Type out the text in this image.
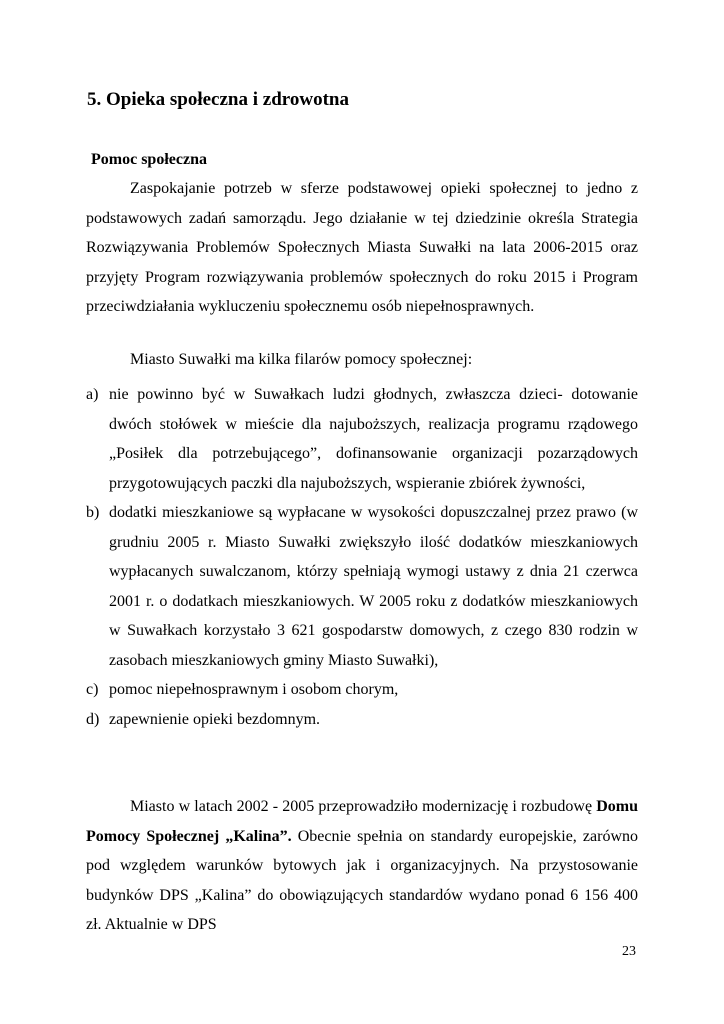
5. Opieka społeczna i zdrowotna
Pomoc społeczna

Zaspokajanie potrzeb w sferze podstawowej opieki społecznej to jedno z podstawowych zadań samorządu. Jego działanie w tej dziedzinie określa Strategia Rozwiązywania Problemów Społecznych Miasta Suwałki na lata 2006-2015 oraz przyjęty Program rozwiązywania problemów społecznych do roku 2015 i Program przeciwdziałania wykluczeniu społecznemu osób niepełnosprawnych.

Miasto Suwałki ma kilka filarów pomocy społecznej:

a) nie powinno być w Suwałkach ludzi głodnych, zwłaszcza dzieci- dotowanie dwóch stołówek w mieście dla najuboższych, realizacja programu rządowego „Posiłek dla potrzebującego”, dofinansowanie organizacji pozarządowych przygotowujących paczki dla najuboższych, wspieranie zbiórek żywności,
b) dodatki mieszkaniowe są wypłacane w wysokości dopuszczalnej przez prawo (w grudniu 2005 r. Miasto Suwałki zwiększyło ilość dodatków mieszkaniowych wypłacanych suwalczanom, którzy spełniają wymogi ustawy z dnia 21 czerwca 2001 r. o dodatkach mieszkaniowych. W 2005 roku z dodatków mieszkaniowych w Suwałkach korzystało 3 621 gospodarstw domowych, z czego 830 rodzin w zasobach mieszkaniowych gminy Miasto Suwałki),
c) pomoc niepełnosprawnym i osobom chorym,
d) zapewnienie opieki bezdomnym.

Miasto w latach 2002 - 2005 przeprowadziło modernizację i rozbudowę Domu Pomocy Społecznej „Kalina”. Obecnie spełnia on standardy europejskie, zarówno pod względem warunków bytowych jak i organizacyjnych. Na przystosowanie budynków DPS „Kalina” do obowiązujących standardów wydano ponad 6 156 400 zł. Aktualnie w DPS

23
